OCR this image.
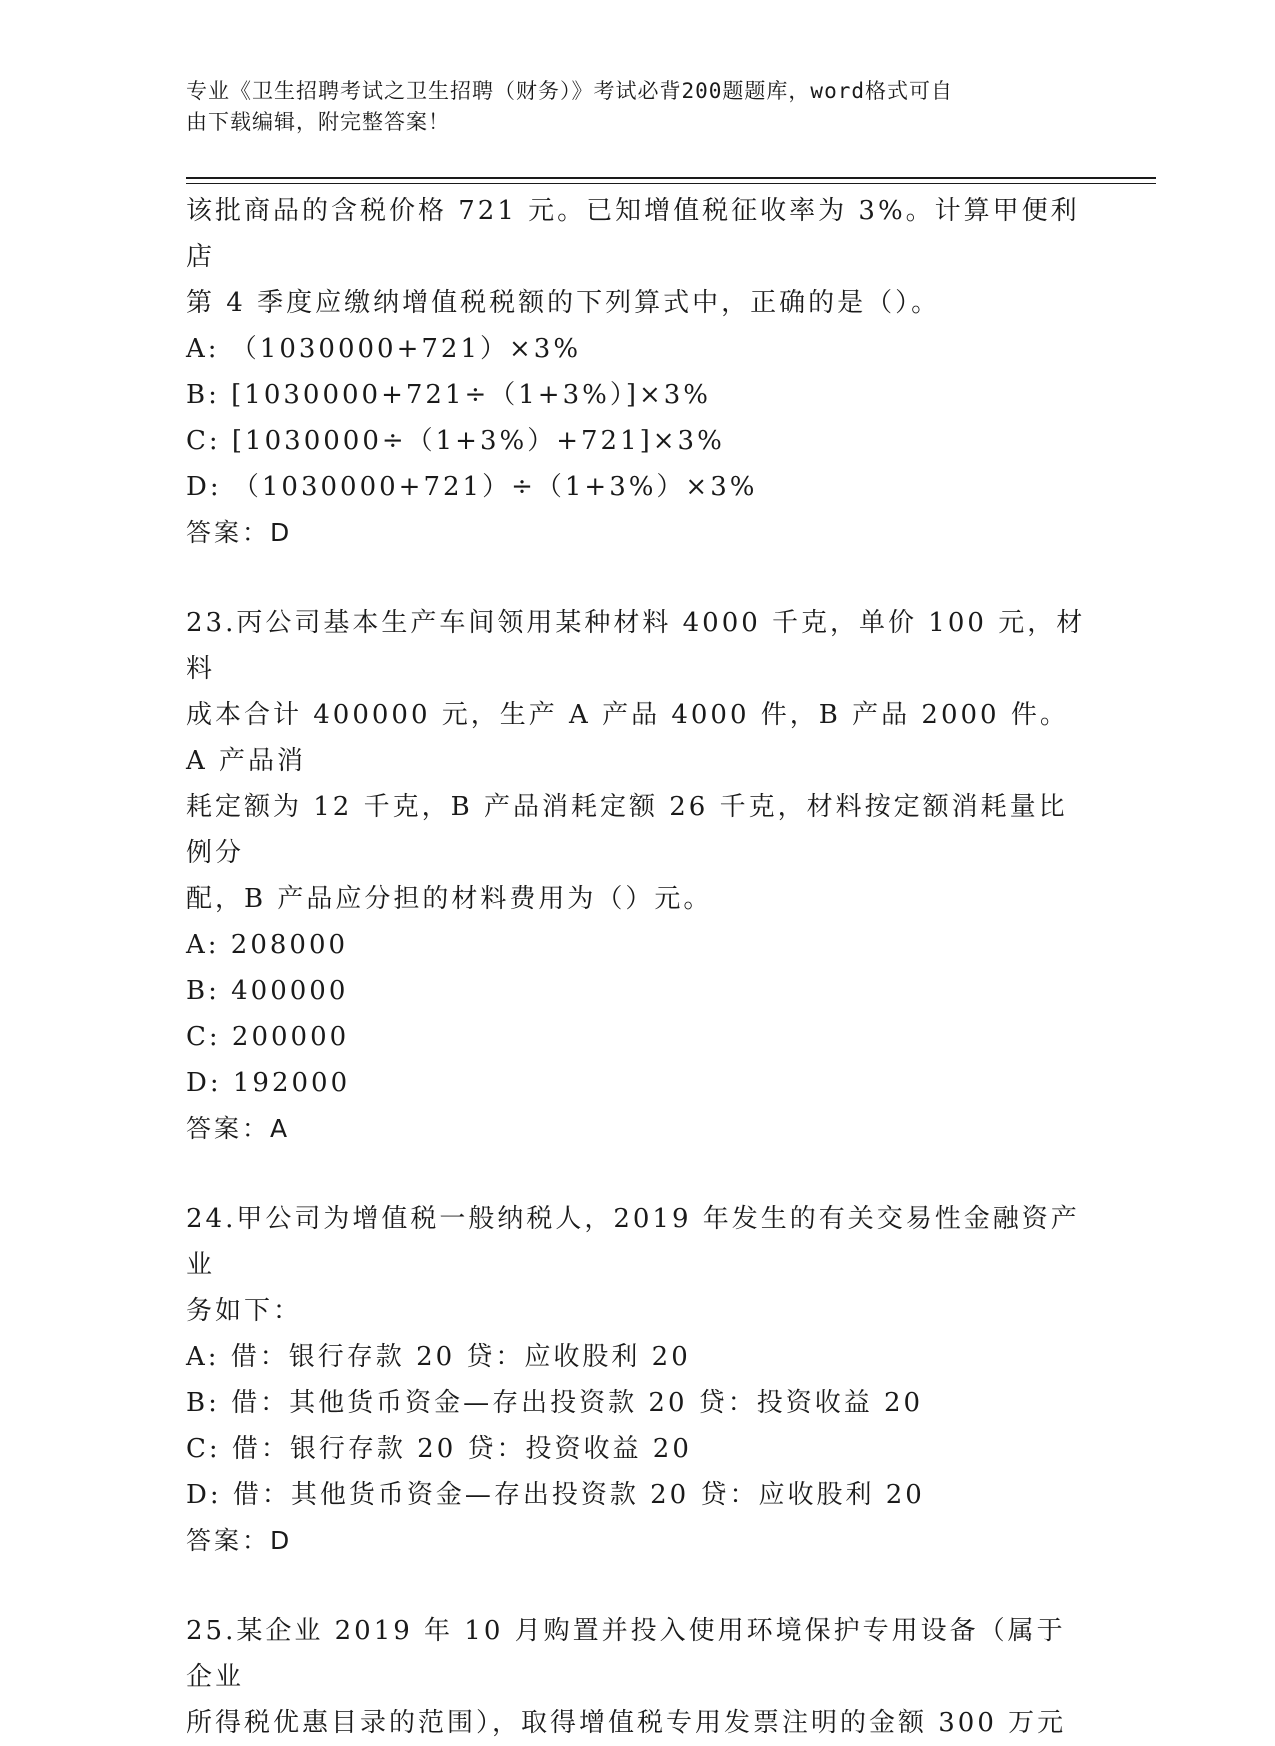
专业《卫生招聘考试之卫生招聘（财务）》考试必背200题题库，word格式可自
由下载编辑，附完整答案！
该批商品的含税价格 721 元。已知增值税征收率为 3%。计算甲便利店
第 4 季度应缴纳增值税税额的下列算式中，正确的是（）。
A: （1030000+721）×3%
B: [1030000+721÷（1+3%）]×3%
C: [1030000÷（1+3%）+721]×3%
D: （1030000+721）÷（1+3%）×3%
答案：D
23.丙公司基本生产车间领用某种材料 4000 千克，单价 100 元，材料
成本合计 400000 元，生产 A 产品 4000 件，B 产品 2000 件。A 产品消
耗定额为 12 千克，B 产品消耗定额 26 千克，材料按定额消耗量比例分
配，B 产品应分担的材料费用为（）元。
A: 208000
B: 400000
C: 200000
D: 192000
答案：A
24.甲公司为增值税一般纳税人，2019 年发生的有关交易性金融资产业
务如下：
A: 借：银行存款 20 贷：应收股利 20
B: 借：其他货币资金—存出投资款 20 贷：投资收益 20
C: 借：银行存款 20 贷：投资收益 20
D: 借：其他货币资金—存出投资款 20 贷：应收股利 20
答案：D
25.某企业 2019 年 10 月购置并投入使用环境保护专用设备（属于企业
所得税优惠目录的范围），取得增值税专用发票注明的金额 300 万元
